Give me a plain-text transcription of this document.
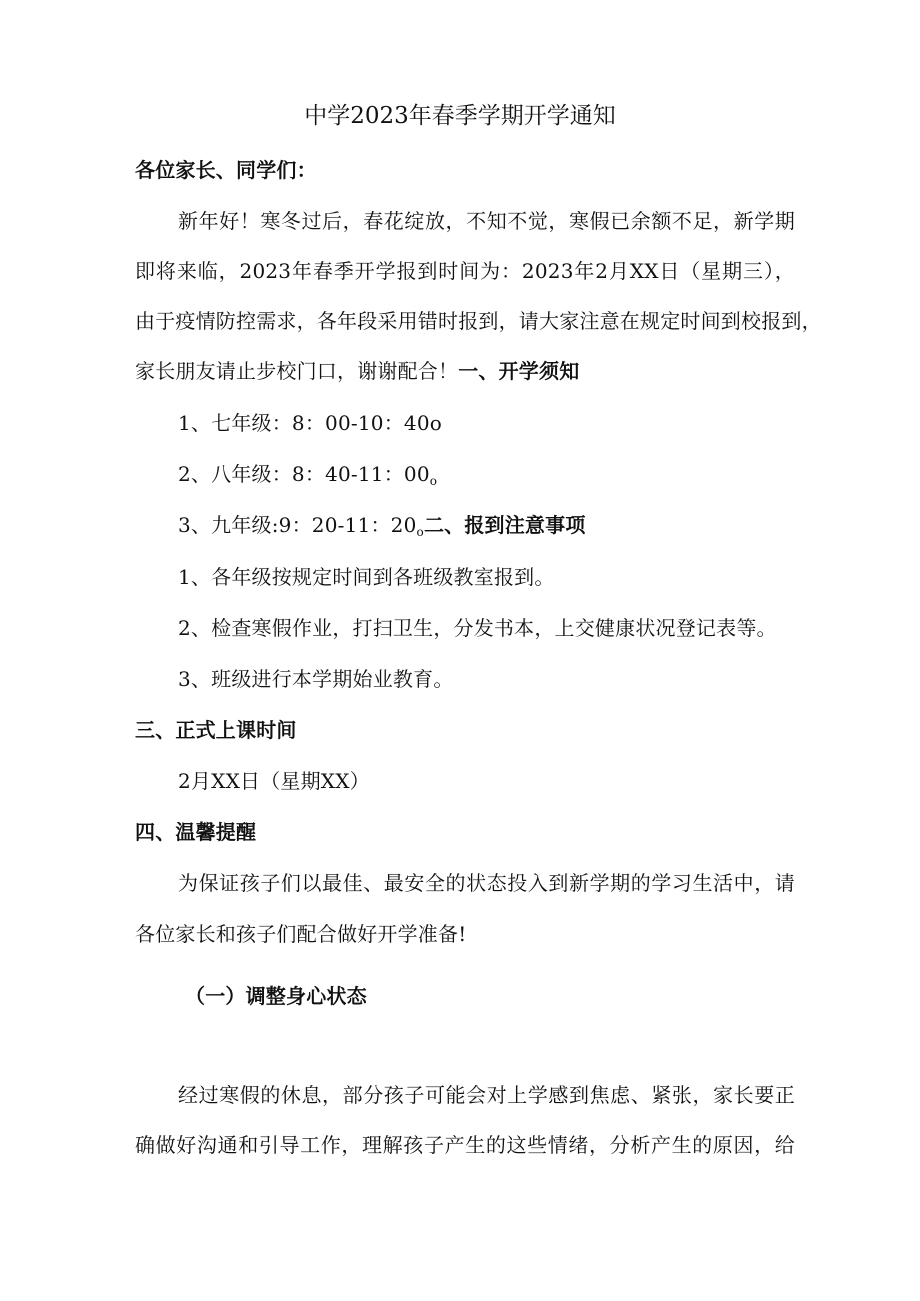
中学2023年春季学期开学通知
各位家长、同学们：
新年好！寒冬过后，春花绽放，不知不觉，寒假已余额不足，新学期
即将来临，2023年春季开学报到时间为：2023年2月XX日（星期三），
由于疫情防控需求，各年段采用错时报到，请大家注意在规定时间到校报到，
家长朋友请止步校门口，谢谢配合！一、开学须知
1、七年级：8：00-10：40o
2、八年级：8：40-11：$00_o$
3、九年级:9：20-11：$20_o$二、报到注意事项
1、各年级按规定时间到各班级教室报到。
2、检查寒假作业，打扫卫生，分发书本，上交健康状况登记表等。
3、班级进行本学期始业教育。
三、正式上课时间
2月XX日（星期XX）
四、温馨提醒
为保证孩子们以最佳、最安全的状态投入到新学期的学习生活中，请
各位家长和孩子们配合做好开学准备!
（一）调整身心状态
经过寒假的休息，部分孩子可能会对上学感到焦虑、紧张，家长要正
确做好沟通和引导工作，理解孩子产生的这些情绪，分析产生的原因，给
